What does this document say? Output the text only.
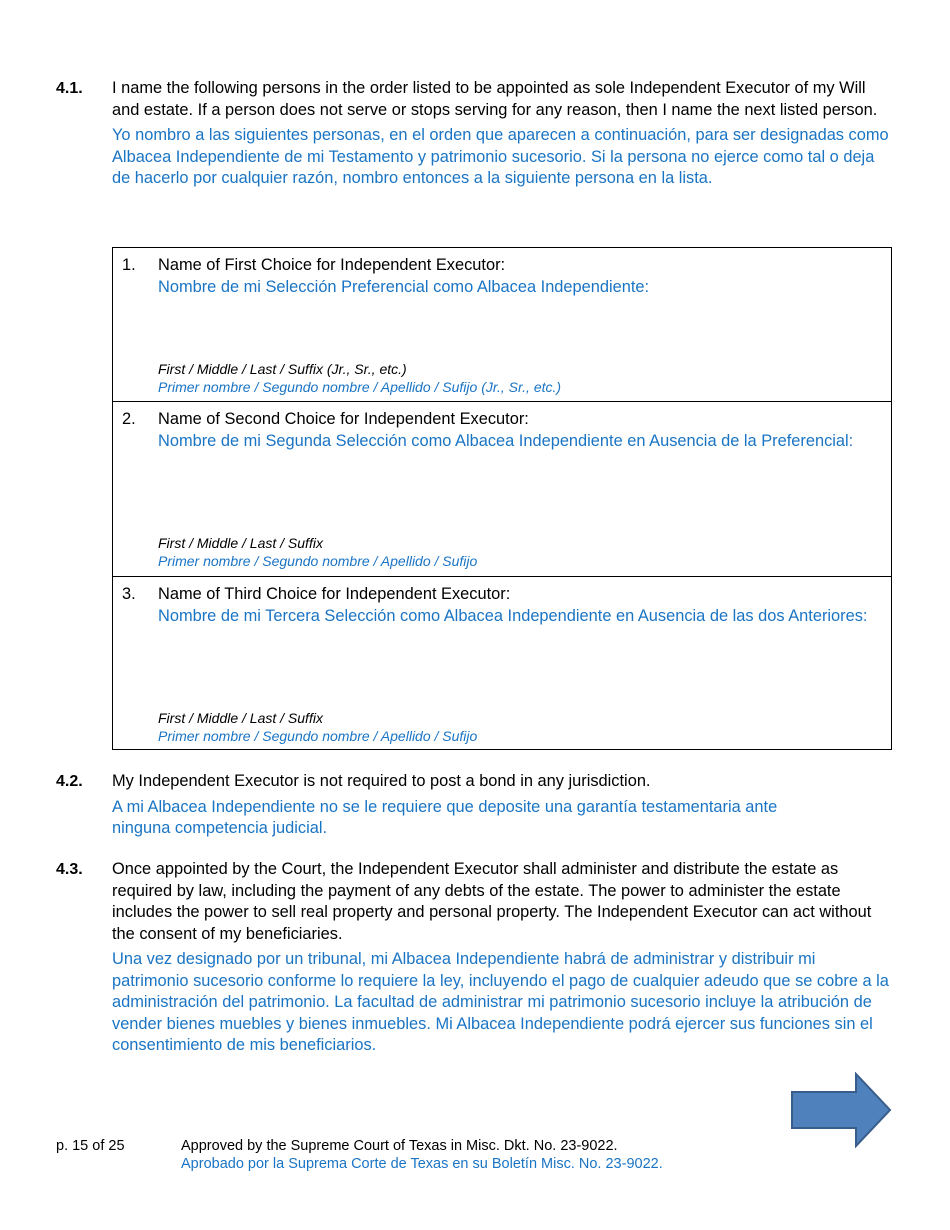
4.1. I name the following persons in the order listed to be appointed as sole Independent Executor of my Will and estate. If a person does not serve or stops serving for any reason, then I name the next listed person.
Yo nombro a las siguientes personas, en el orden que aparecen a continuación, para ser designadas como Albacea Independiente de mi Testamento y patrimonio sucesorio. Si la persona no ejerce como tal o deja de hacerlo por cualquier razón, nombro entonces a la siguiente persona en la lista.
1. Name of First Choice for Independent Executor:
Nombre de mi Selección Preferencial como Albacea Independiente:
First / Middle / Last / Suffix (Jr., Sr., etc.)
Primer nombre / Segundo nombre / Apellido / Sufijo (Jr., Sr., etc.)
2. Name of Second Choice for Independent Executor:
Nombre de mi Segunda Selección como Albacea Independiente en Ausencia de la Preferencial:
First / Middle / Last / Suffix
Primer nombre / Segundo nombre / Apellido / Sufijo
3. Name of Third Choice for Independent Executor:
Nombre de mi Tercera Selección como Albacea Independiente en Ausencia de las dos Anteriores:
First / Middle / Last / Suffix
Primer nombre / Segundo nombre / Apellido / Sufijo
4.2. My Independent Executor is not required to post a bond in any jurisdiction.
A mi Albacea Independiente no se le requiere que deposite una garantía testamentaria ante ninguna competencia judicial.
4.3. Once appointed by the Court, the Independent Executor shall administer and distribute the estate as required by law, including the payment of any debts of the estate. The power to administer the estate includes the power to sell real property and personal property. The Independent Executor can act without the consent of my beneficiaries.
Una vez designado por un tribunal, mi Albacea Independiente habrá de administrar y distribuir mi patrimonio sucesorio conforme lo requiere la ley, incluyendo el pago de cualquier adeudo que se cobre a la administración del patrimonio. La facultad de administrar mi patrimonio sucesorio incluye la atribución de vender bienes muebles y bienes inmuebles. Mi Albacea Independiente podrá ejercer sus funciones sin el consentimiento de mis beneficiarios.
p. 15 of 25	Approved by the Supreme Court of Texas in Misc. Dkt. No. 23-9022.
Aprobado por la Suprema Corte de Texas en su Boletín Misc. No. 23-9022.
